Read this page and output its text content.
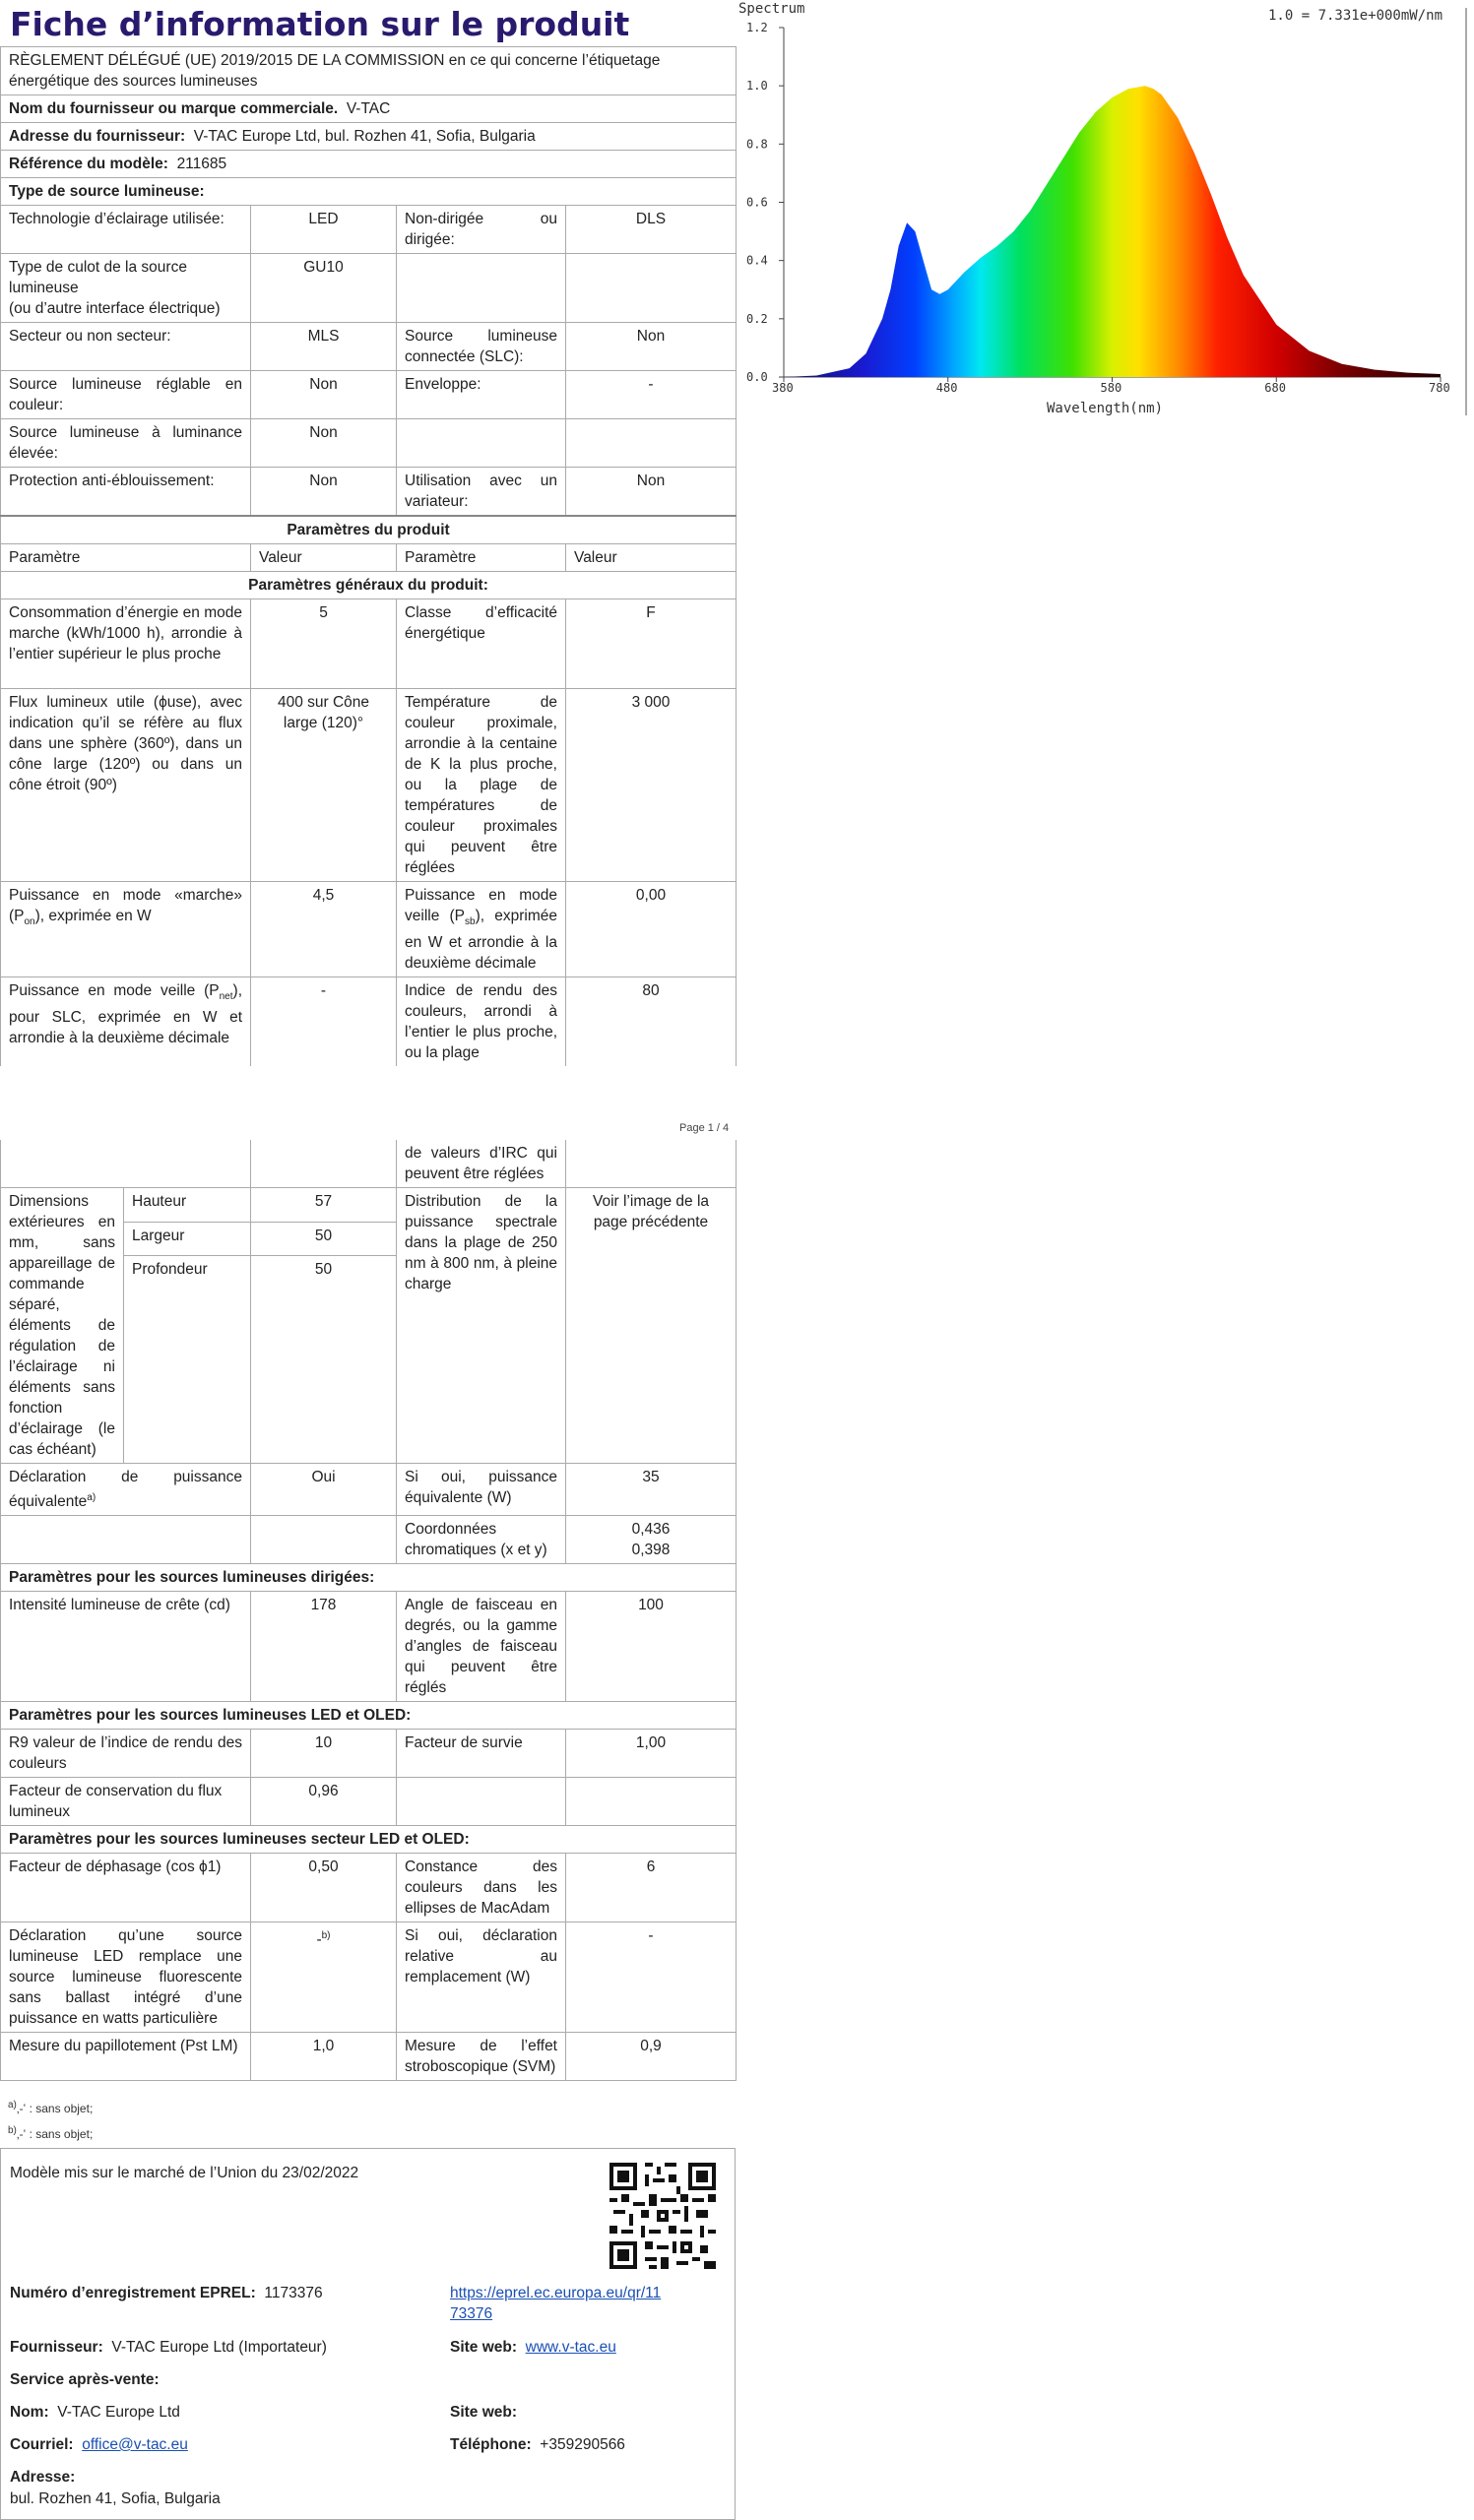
Fiche d’information sur le produit
RÈGLEMENT DÉLÉGUÉ (UE) 2019/2015 DE LA COMMISSION en ce qui concerne l’étiquetage énergétique des sources lumineuses			
Nom du fournisseur ou marque commerciale. V-TAC			
Adresse du fournisseur: V-TAC Europe Ltd, bul. Rozhen 41, Sofia, Bulgaria			
Référence du modèle: 211685			
Type de source lumineuse:			
Technologie d’éclairage utilisée:	LED	Non-dirigée ou dirigée:	DLS

Type de culot de la source lumineuse
(ou d’autre interface électrique)	GU10		
Secteur ou non secteur:	MLS	Source lumineuse connectée (SLC):	Non
Source lumineuse réglable en couleur:	Non	Enveloppe:	-
Source lumineuse à luminance élevée:	Non		
Protection anti-éblouissement:	Non	Utilisation avec un variateur:	Non
Paramètres du produit			
Paramètre	Valeur	Paramètre	Valeur
Paramètres généraux du produit:			
Consommation d’énergie en mode marche (kWh/1000 h), arrondie à l’entier supérieur le plus proche	5	Classe d’efficacité énergétique	F
Flux lumineux utile (ϕuse), avec indication qu’il se réfère au flux dans une sphère (360º), dans un cône large (120º) ou dans un cône étroit (90º)	400 sur Cône large (120)°	Température de couleur proximale, arrondie à la centaine de K la plus proche, ou la plage de températures de couleur proximales qui peuvent être réglées	3 000
Puissance en mode «marche» $(P_{on})$, exprimée en W	4,5	Puissance en mode veille $(P_{sb})$, exprimée en W et arrondie à la deuxième décimale	0,00
Puissance en mode veille $(P_{net})$, pour SLC, exprimée en W et arrondie à la deuxième décimale	-	Indice de rendu des couleurs, arrondi à l’entier le plus proche, ou la plage	80
Page 1 / 4
			de valeurs d’IRC qui peuvent être réglées	
Dimensions extérieures en mm, sans appareillage de commande séparé, éléments de régulation de l’éclairage ni éléments sans fonction d’éclairage (le cas échéant)	Hauteur	57	Distribution de la puissance spectrale dans la plage de 250 nm à 800 nm, à pleine charge	Voir l’image de la page précédente
	Largeur	50		
	Profondeur	50		
Déclaration de puissance équivalente$^{a)}$		Oui	Si oui, puissance équivalente (W)	35
			Coordonnées chromatiques (x et y)	0,436
0,398

Paramètres pour les sources lumineuses dirigées:				
Intensité lumineuse de crête (cd)		178	Angle de faisceau en degrés, ou la gamme d’angles de faisceau qui peuvent être réglés	100
Paramètres pour les sources lumineuses LED et OLED:				
R9 valeur de l’indice de rendu des couleurs		10	Facteur de survie	1,00
Facteur de conservation du flux lumineux		0,96		
Paramètres pour les sources lumineuses secteur LED et OLED:				
Facteur de déphasage (cos ϕ1)		0,50	Constance des couleurs dans les ellipses de MacAdam	6
Déclaration qu’une source lumineuse LED remplace une source lumineuse fluorescente sans ballast intégré d’une puissance en watts particulière		-$^{b)}$	Si oui, déclaration relative au remplacement (W)	-
Mesure du papillotement (Pst LM)		1,0	Mesure de l’effet stroboscopique (SVM)	0,9
$^{a)}$‚-‛ : sans objet;
$^{b)}$‚-‛ : sans objet;
Modèle mis sur le marché de l’Union du 23/02/2022
Numéro d’enregistrement EPREL: 1173376	https://eprel.ec.europa.eu/qr/11
73376
Fournisseur: V-TAC Europe Ltd (Importateur)	Site web: www.v-tac.eu
Service après-vente:
Nom: V-TAC Europe Ltd	Site web:
Courriel: office@v-tac.eu	Téléphone: +359290566
Adresse:
bul. Rozhen 41, Sofia, Bulgaria
Spectrum	1.0 = 7.331e+000mW/nm
Wavelength(nm)
0.0
0.2
0.4
0.6
0.8
1.0
1.2
380	480	580	680	780
